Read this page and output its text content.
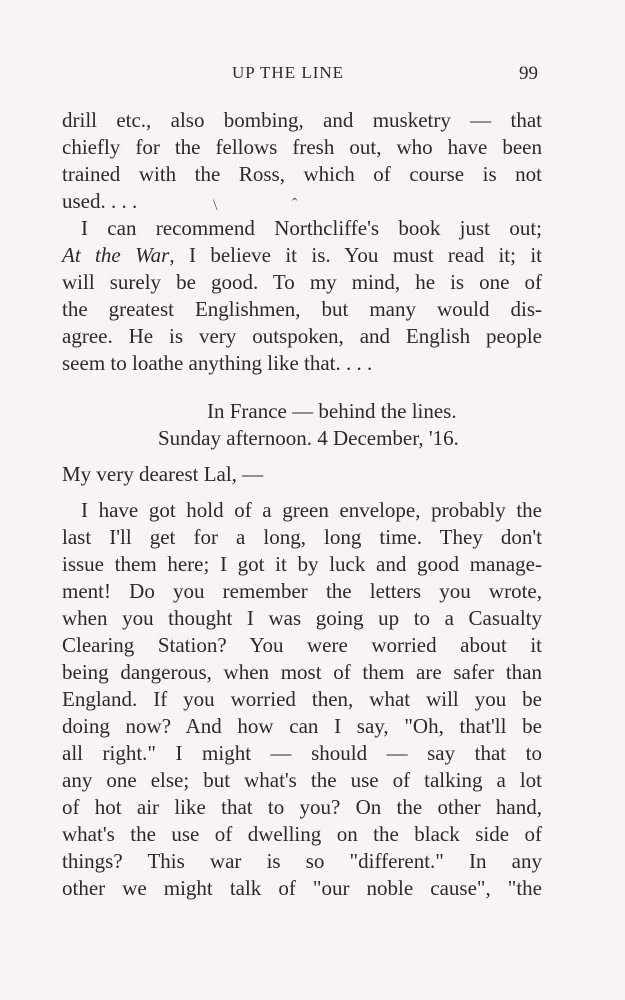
UP THE LINE	99
drill etc., also bombing, and musketry — that
chiefly for the fellows fresh out, who have been
trained with the Ross, which of course is not
used. . . .	\	ˆ
I can recommend Northcliffe's book just out;
At the War, I believe it is. You must read it; it
will surely be good. To my mind, he is one of
the greatest Englishmen, but many would dis-
agree. He is very outspoken, and English people
seem to loathe anything like that. . . .
In France — behind the lines.
Sunday afternoon. 4 December, '16.
My very dearest Lal, —
I have got hold of a green envelope, probably the
last I'll get for a long, long time. They don't
issue them here; I got it by luck and good manage-
ment! Do you remember the letters you wrote,
when you thought I was going up to a Casualty
Clearing Station? You were worried about it
being dangerous, when most of them are safer than
England. If you worried then, what will you be
doing now? And how can I say, "Oh, that'll be
all right." I might — should — say that to
any one else; but what's the use of talking a lot
of hot air like that to you? On the other hand,
what's the use of dwelling on the black side of
things? This war is so "different." In any
other we might talk of "our noble cause", "the
